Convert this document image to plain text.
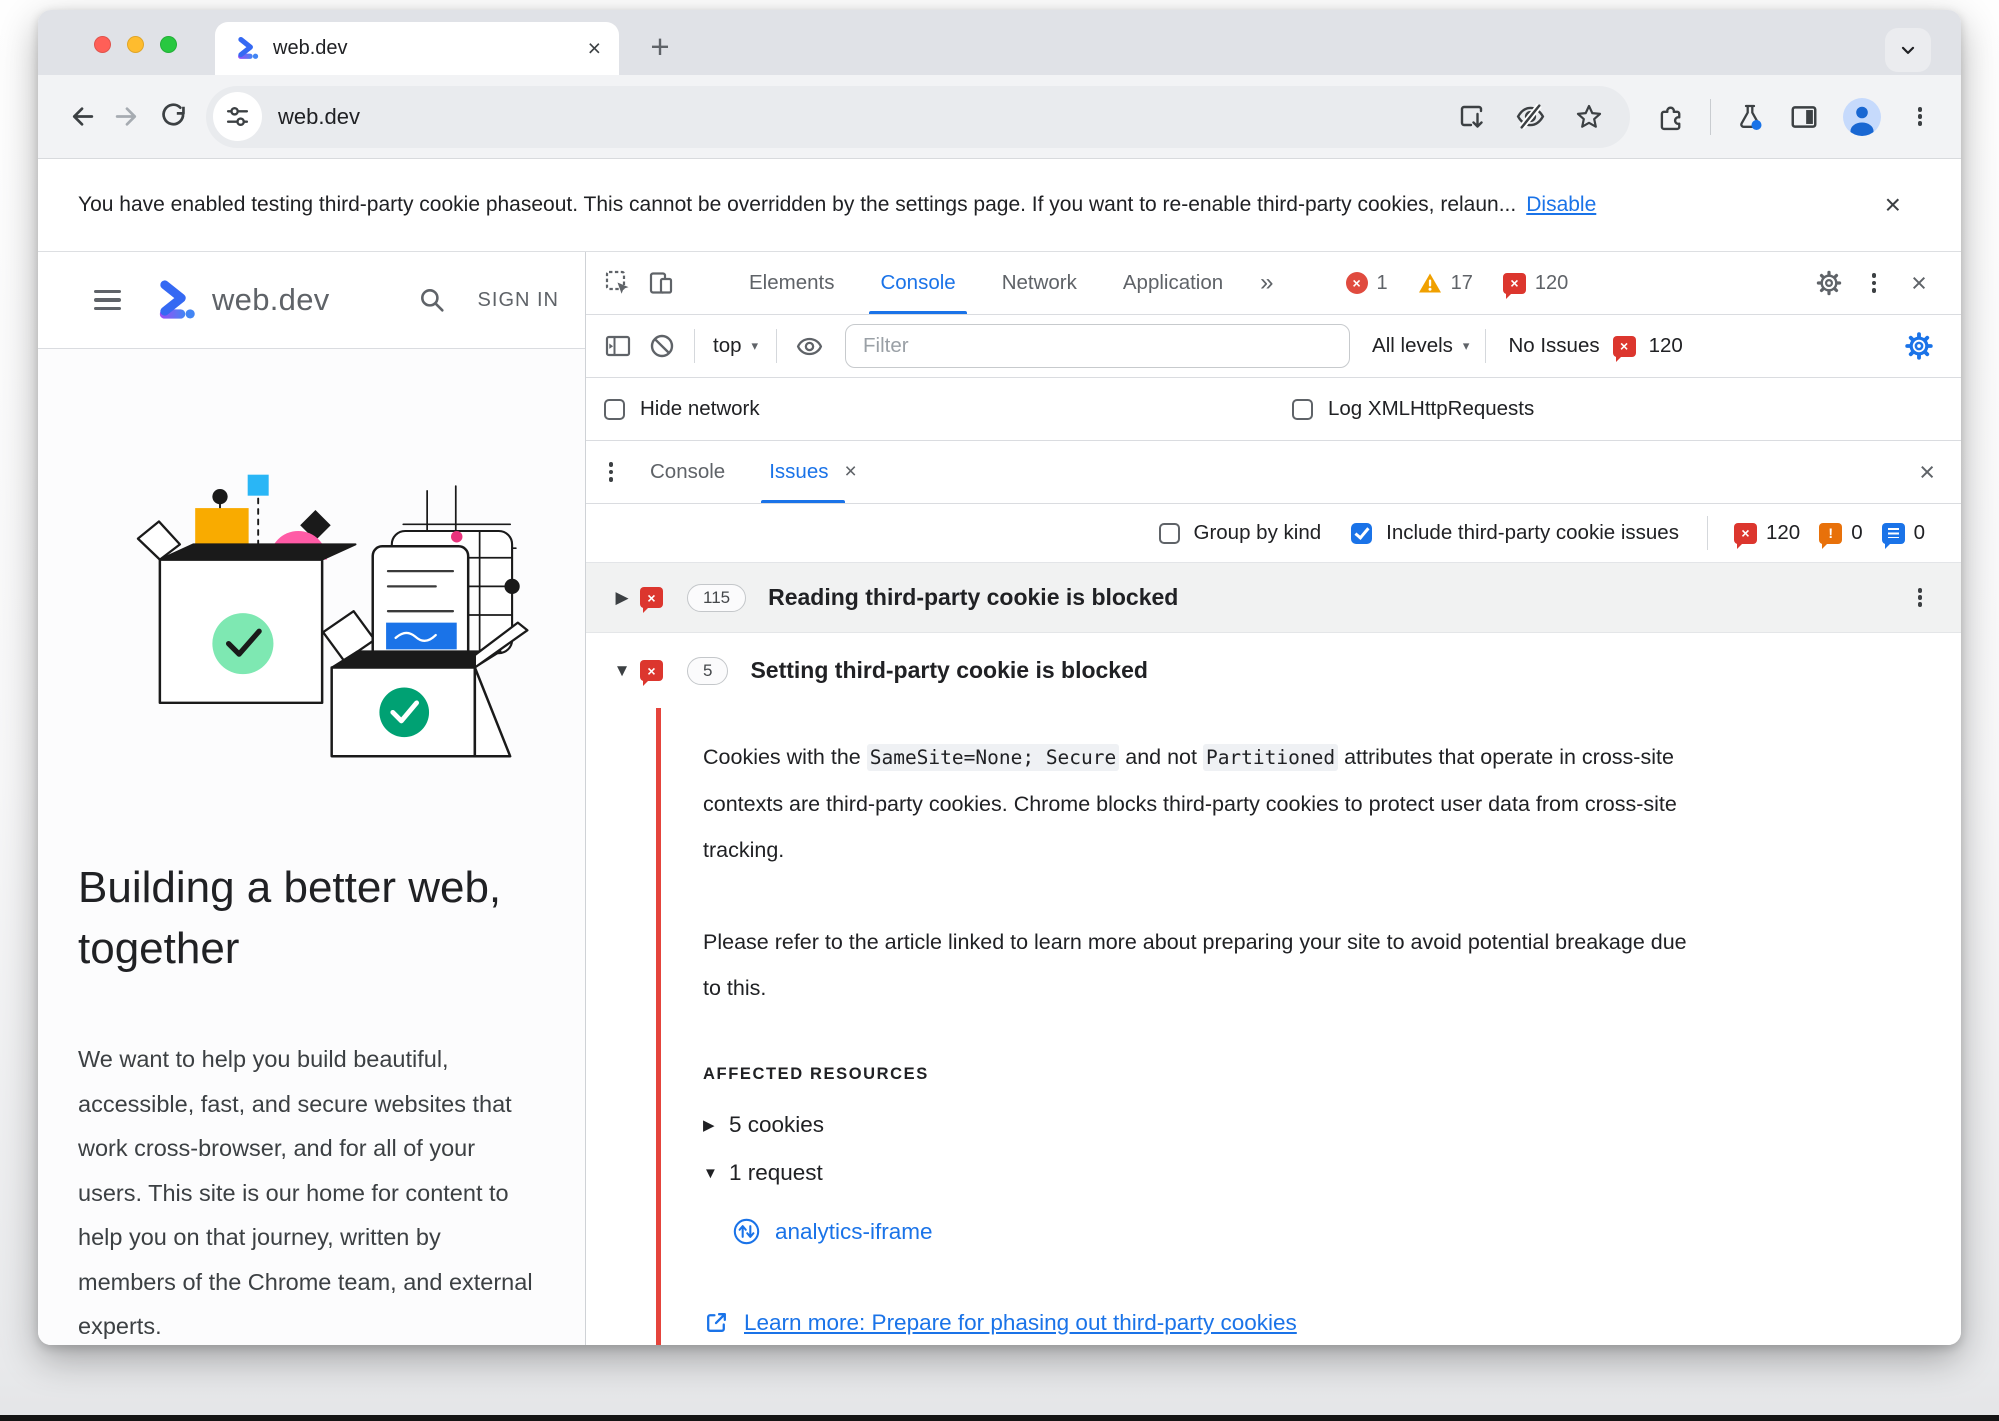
web.dev	×	+
web.dev
You have enabled testing third-party cookie phaseout. This cannot be overridden by the settings page. If you want to re-enable third-party cookies, relaun... Disable	×
web.dev	SIGN IN
Building a better web, together

We want to help you build beautiful, accessible, fast, and secure websites that work cross-browser, and for all of your users. This site is our home for content to help you on that journey, written by members of the Chrome team, and external experts.

Elements	Console	Network	Application	»	× 1	17	× 120	×
top ▾
Filter	All levels ▾ No Issues	× 120
Hide network	Log XMLHttpRequests
Console	Issues ×	×
Group by kind	Include third-party cookie issues	× 120	! 0 0
▶	×	115	Reading third-party cookie is blocked
▼	×	5	Setting third-party cookie is blocked

Cookies with the SameSite=None; Secure and not Partitioned attributes that operate in cross-site contexts are third-party cookies. Chrome blocks third-party cookies to protect user data from cross-site tracking.

Please refer to the article linked to learn more about preparing your site to avoid potential breakage due to this.

AFFECTED RESOURCES
▶ 5 cookies
▼ 1 request
analytics-iframe
Learn more: Prepare for phasing out third-party cookies
